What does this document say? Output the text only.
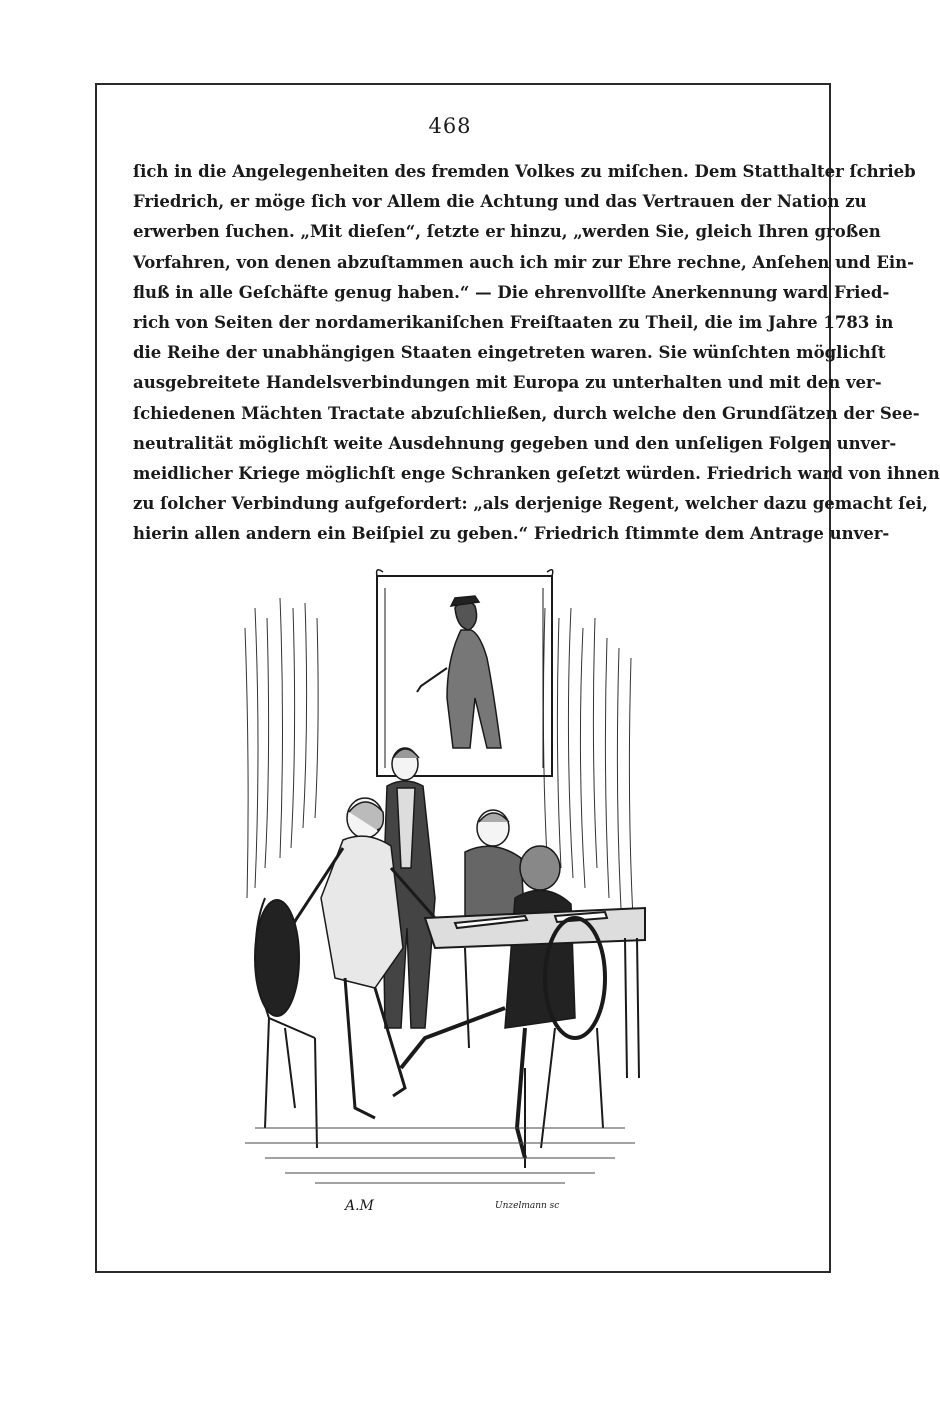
468
ſich in die Angelegenheiten des fremden Volkes zu miſchen. Dem Statthalter ſchrieb
Friedrich, er möge ſich vor Allem die Achtung und das Vertrauen der Nation zu
erwerben ſuchen. „Mit dieſen“, ſetzte er hinzu, „werden Sie, gleich Ihren großen
Vorfahren, von denen abzuſtammen auch ich mir zur Ehre rechne, Anſehen und Ein-
fluß in alle Geſchäfte genug haben.“ — Die ehrenvollſte Anerkennung ward Fried-
rich von Seiten der nordamerikaniſchen Freiſtaaten zu Theil, die im Jahre 1783 in
die Reihe der unabhängigen Staaten eingetreten waren. Sie wünſchten möglichſt
ausgebreitete Handelsverbindungen mit Europa zu unterhalten und mit den ver-
ſchiedenen Mächten Tractate abzuſchließen, durch welche den Grundſätzen der See-
neutralität möglichſt weite Ausdehnung gegeben und den unſeligen Folgen unver-
meidlicher Kriege möglichſt enge Schranken geſetzt würden. Friedrich ward von ihnen
zu ſolcher Verbindung aufgefordert: „als derjenige Regent, welcher dazu gemacht ſei,
hierin allen andern ein Beiſpiel zu geben.“ Friedrich ſtimmte dem Antrage unver-
A.M	Unzelmann sc
